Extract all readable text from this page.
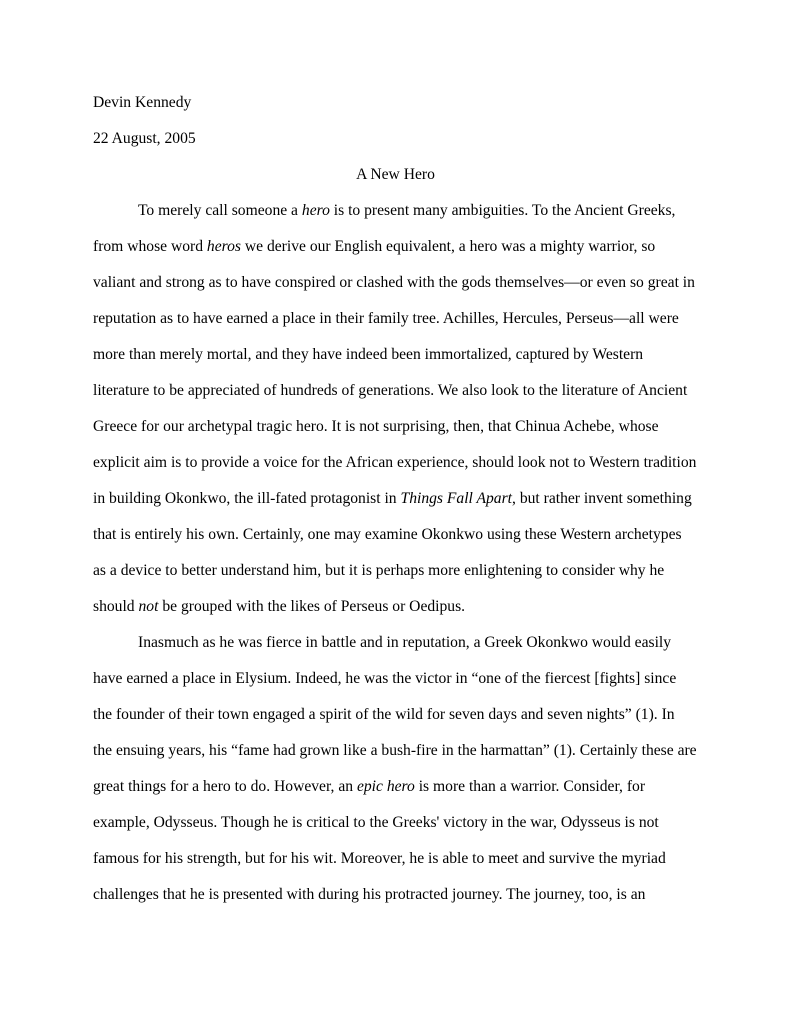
Devin Kennedy
22 August, 2005
A New Hero
To merely call someone a hero is to present many ambiguities. To the Ancient Greeks,
from whose word heros we derive our English equivalent, a hero was a mighty warrior, so
valiant and strong as to have conspired or clashed with the gods themselves—or even so great in
reputation as to have earned a place in their family tree. Achilles, Hercules, Perseus—all were
more than merely mortal, and they have indeed been immortalized, captured by Western
literature to be appreciated of hundreds of generations. We also look to the literature of Ancient
Greece for our archetypal tragic hero. It is not surprising, then, that Chinua Achebe, whose
explicit aim is to provide a voice for the African experience, should look not to Western tradition
in building Okonkwo, the ill-fated protagonist in Things Fall Apart, but rather invent something
that is entirely his own. Certainly, one may examine Okonkwo using these Western archetypes
as a device to better understand him, but it is perhaps more enlightening to consider why he
should not be grouped with the likes of Perseus or Oedipus.
Inasmuch as he was fierce in battle and in reputation, a Greek Okonkwo would easily
have earned a place in Elysium. Indeed, he was the victor in “one of the fiercest [fights] since
the founder of their town engaged a spirit of the wild for seven days and seven nights” (1). In
the ensuing years, his “fame had grown like a bush-fire in the harmattan” (1). Certainly these are
great things for a hero to do. However, an epic hero is more than a warrior. Consider, for
example, Odysseus. Though he is critical to the Greeks' victory in the war, Odysseus is not
famous for his strength, but for his wit. Moreover, he is able to meet and survive the myriad
challenges that he is presented with during his protracted journey. The journey, too, is an
